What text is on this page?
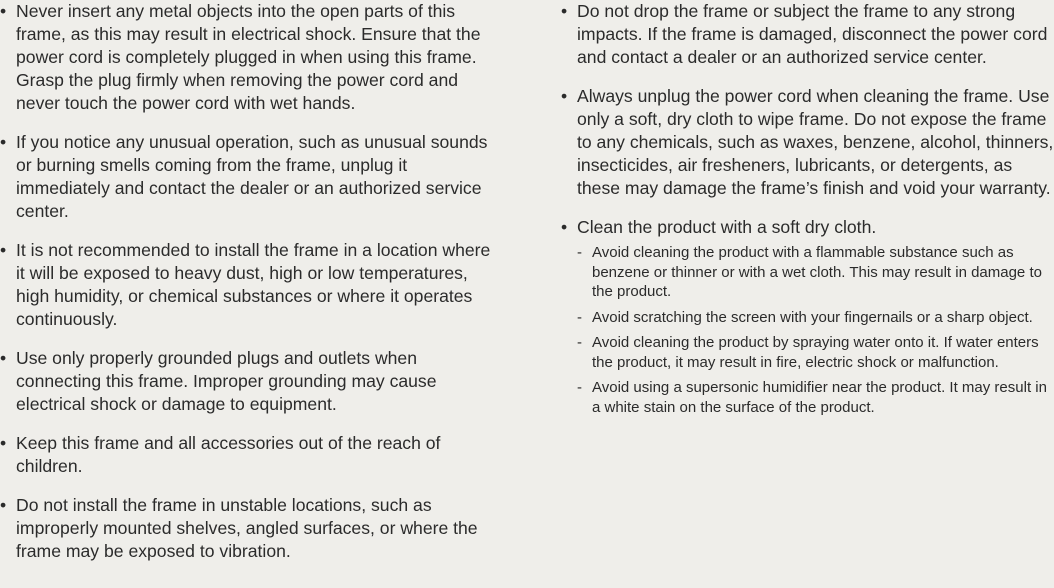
• Never insert any metal objects into the open parts of this frame, as this may result in electrical shock. Ensure that the power cord is completely plugged in when using this frame. Grasp the plug firmly when removing the power cord and never touch the power cord with wet hands.
• If you notice any unusual operation, such as unusual sounds or burning smells coming from the frame, unplug it immediately and contact the dealer or an authorized service center.
• It is not recommended to install the frame in a location where it will be exposed to heavy dust, high or low temperatures, high humidity, or chemical substances or where it operates continuously.
• Use only properly grounded plugs and outlets when connecting this frame. Improper grounding may cause electrical shock or damage to equipment.
• Keep this frame and all accessories out of the reach of children.
• Do not install the frame in unstable locations, such as improperly mounted shelves, angled surfaces, or where the frame may be exposed to vibration.
• Do not drop the frame or subject the frame to any strong impacts. If the frame is damaged, disconnect the power cord and contact a dealer or an authorized service center.
• Always unplug the power cord when cleaning the frame. Use only a soft, dry cloth to wipe frame. Do not expose the frame to any chemicals, such as waxes, benzene, alcohol, thinners, insecticides, air fresheners, lubricants, or detergents, as these may damage the frame’s finish and void your warranty.
• Clean the product with a soft dry cloth.
- Avoid cleaning the product with a flammable substance such as benzene or thinner or with a wet cloth. This may result in damage to the product.
- Avoid scratching the screen with your fingernails or a sharp object.
- Avoid cleaning the product by spraying water onto it. If water enters the product, it may result in fire, electric shock or malfunction.
- Avoid using a supersonic humidifier near the product. It may result in a white stain on the surface of the product.
